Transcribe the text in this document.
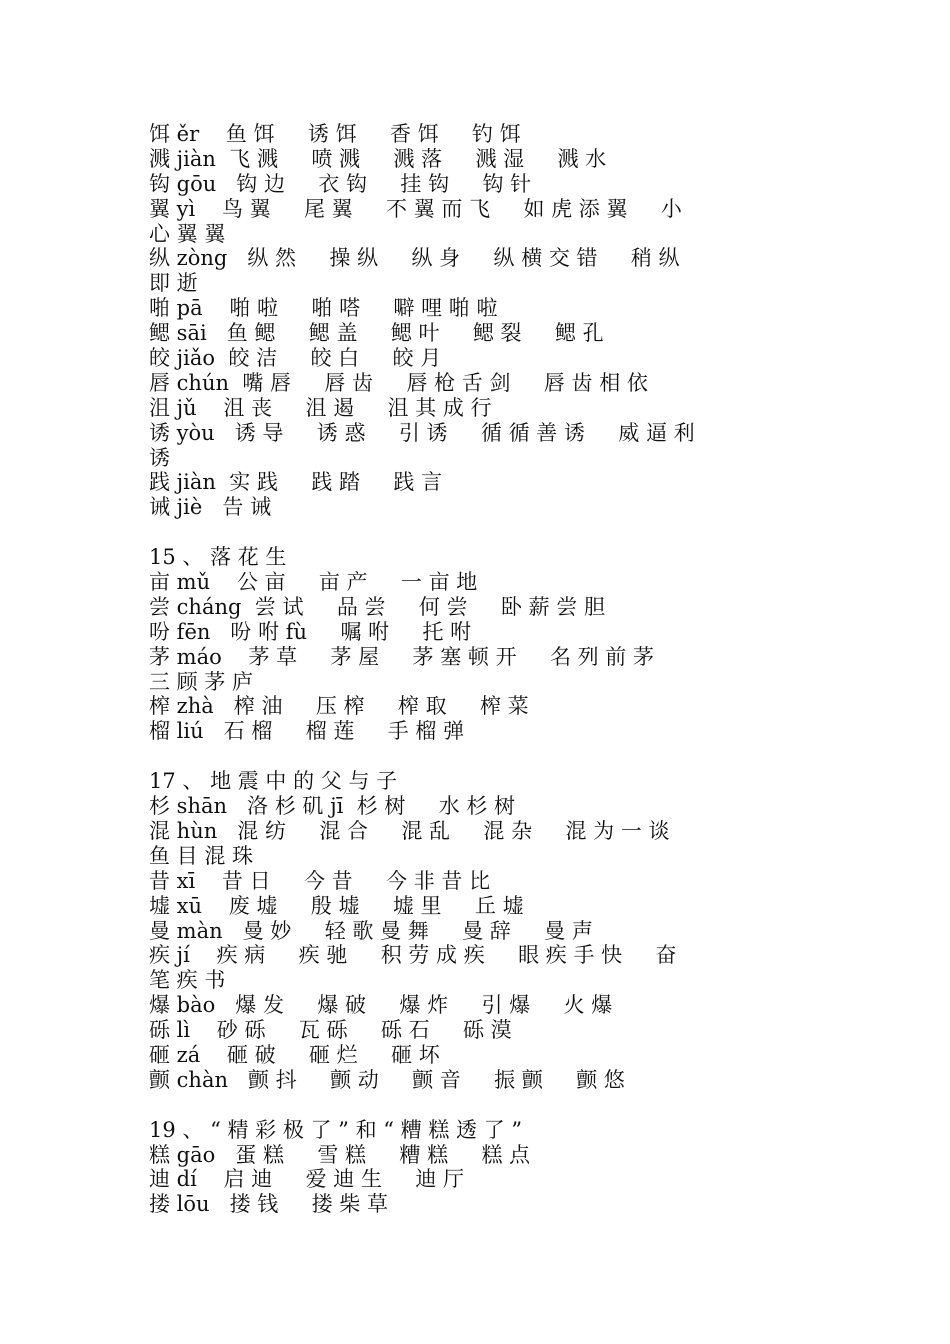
饵 ěr    鱼 饵     诱 饵     香 饵     钓 饵
溅 jiàn  飞 溅     喷 溅     溅 落     溅 湿     溅 水
钩 gōu   钩 边     衣 钩     挂 钩     钩 针
翼 yì    鸟 翼     尾 翼     不 翼 而 飞     如 虎 添 翼     小
心 翼 翼
纵 zòng   纵 然     操 纵     纵 身     纵 横 交 错     稍 纵
即 逝
啪 pā    啪 啦     啪 嗒     噼 哩 啪 啦
鳃 sāi   鱼 鳃     鳃 盖     鳃 叶     鳃 裂     鳃 孔
皎 jiǎo  皎 洁     皎 白     皎 月
唇 chún  嘴 唇     唇 齿     唇 枪 舌 剑     唇 齿 相 依
沮 jǔ    沮 丧     沮 遏     沮 其 成 行
诱 yòu   诱 导     诱 惑     引 诱     循 循 善 诱     威 逼 利
诱
践 jiàn  实 践     践 踏     践 言
诫 jiè   告 诫
15 、 落 花 生
亩 mǔ    公 亩     亩 产     一 亩 地
尝 cháng  尝 试     品 尝     何 尝     卧 薪 尝 胆
吩 fēn   吩 咐 fù     嘱 咐     托 咐
茅 máo    茅 草     茅 屋     茅 塞 顿 开     名 列 前 茅
三 顾 茅 庐
榨 zhà   榨 油     压 榨     榨 取     榨 菜
榴 liú   石 榴     榴 莲     手 榴 弹
17 、 地 震 中 的 父 与 子
杉 shān   洛 杉 矶 jī  杉 树     水 杉 树
混 hùn   混 纺     混 合     混 乱     混 杂     混 为 一 谈
鱼 目 混 珠
昔 xī    昔 日     今 昔     今 非 昔 比
墟 xū    废 墟     殷 墟     墟 里     丘 墟
曼 màn   曼 妙     轻 歌 曼 舞     曼 辞     曼 声
疾 jí    疾 病     疾 驰     积 劳 成 疾     眼 疾 手 快     奋
笔 疾 书
爆 bào   爆 发     爆 破     爆 炸     引 爆     火 爆
砾 lì    砂 砾     瓦 砾     砾 石     砾 漠
砸 zá    砸 破     砸 烂     砸 坏
颤 chàn   颤 抖     颤 动     颤 音     振 颤     颤 悠
19 、 “ 精 彩 极 了 ” 和 “ 糟 糕 透 了 ”
糕 gāo   蛋 糕     雪 糕     糟 糕     糕 点
迪 dí    启 迪     爱 迪 生     迪 厅
搂 lōu   搂 钱     搂 柴 草
